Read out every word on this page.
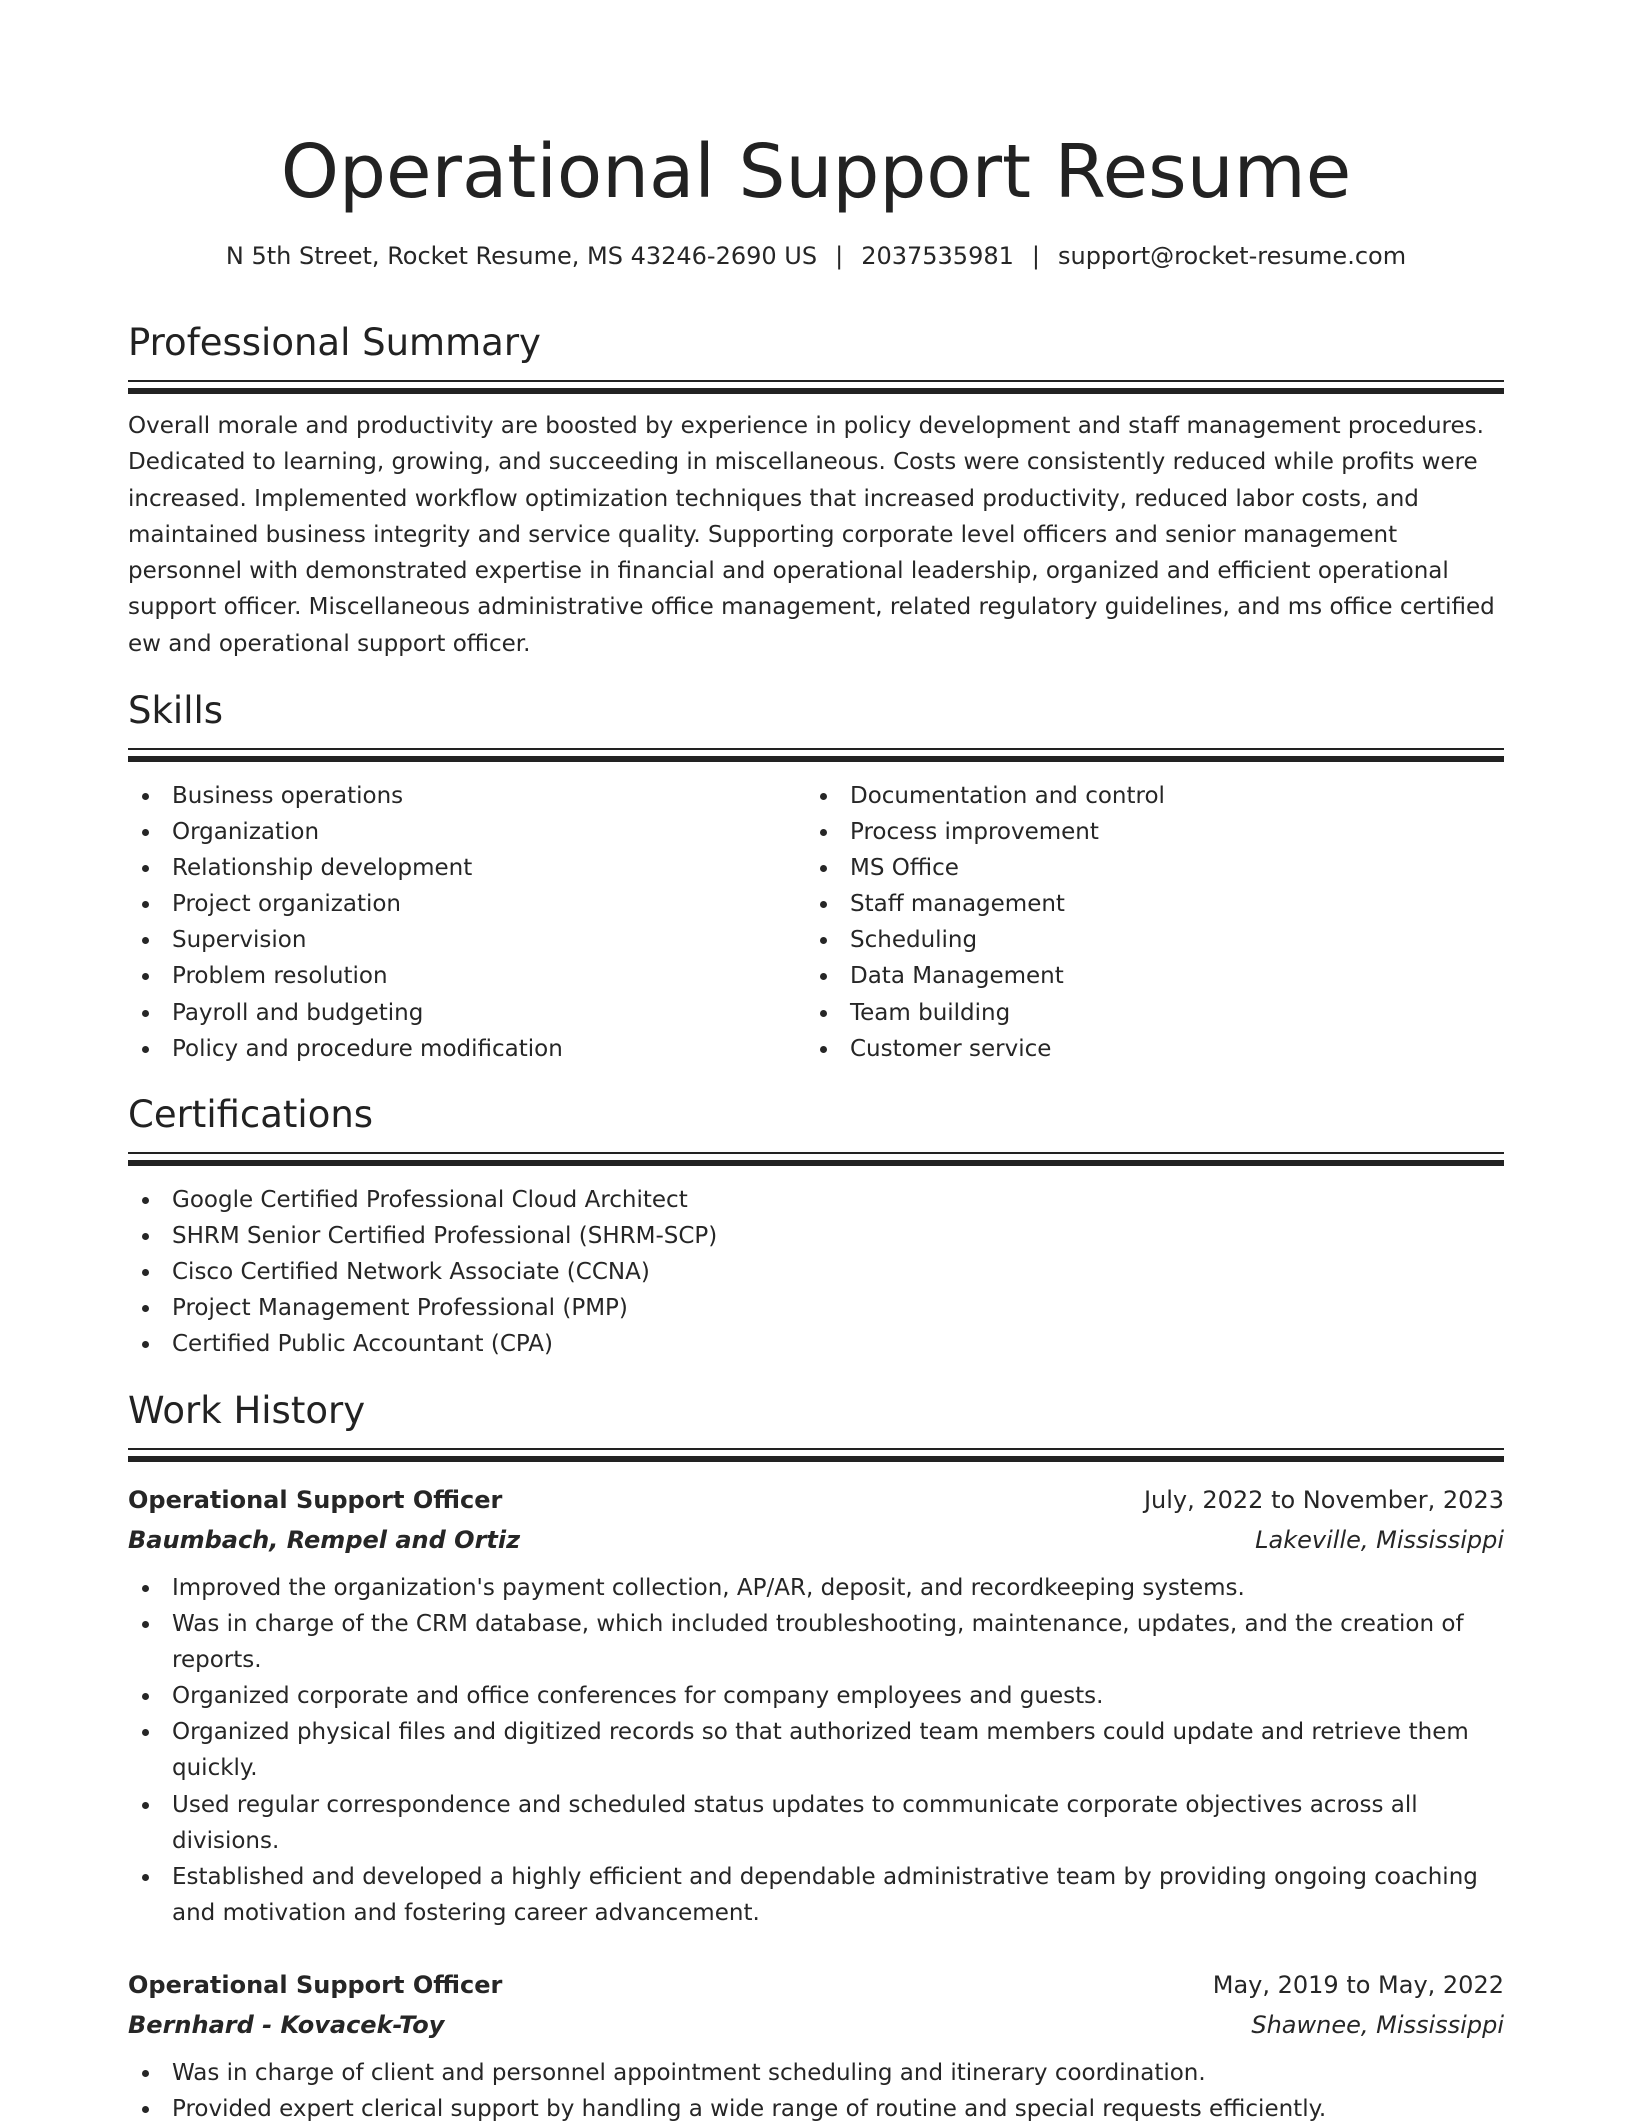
Operational Support Resume
N 5th Street, Rocket Resume, MS 43246-2690 US | 2037535981 | support@rocket-resume.com
Professional Summary
Overall morale and productivity are boosted by experience in policy development and staff management procedures. Dedicated to learning, growing, and succeeding in miscellaneous. Costs were consistently reduced while profits were increased. Implemented workflow optimization techniques that increased productivity, reduced labor costs, and maintained business integrity and service quality. Supporting corporate level officers and senior management personnel with demonstrated expertise in financial and operational leadership, organized and efficient operational support officer. Miscellaneous administrative office management, related regulatory guidelines, and ms office certified ew and operational support officer.
Skills
Business operations
Organization
Relationship development
Project organization
Supervision
Problem resolution
Payroll and budgeting
Policy and procedure modification
Documentation and control
Process improvement
MS Office
Staff management
Scheduling
Data Management
Team building
Customer service
Certifications
Google Certified Professional Cloud Architect
SHRM Senior Certified Professional (SHRM-SCP)
Cisco Certified Network Associate (CCNA)
Project Management Professional (PMP)
Certified Public Accountant (CPA)
Work History
Operational Support Officer	July, 2022 to November, 2023
Baumbach, Rempel and Ortiz	Lakeville, Mississippi
Improved the organization's payment collection, AP/AR, deposit, and recordkeeping systems.
Was in charge of the CRM database, which included troubleshooting, maintenance, updates, and the creation of reports.
Organized corporate and office conferences for company employees and guests.
Organized physical files and digitized records so that authorized team members could update and retrieve them quickly.
Used regular correspondence and scheduled status updates to communicate corporate objectives across all divisions.
Established and developed a highly efficient and dependable administrative team by providing ongoing coaching and motivation and fostering career advancement.
Operational Support Officer	May, 2019 to May, 2022
Bernhard - Kovacek-Toy	Shawnee, Mississippi
Was in charge of client and personnel appointment scheduling and itinerary coordination.
Provided expert clerical support by handling a wide range of routine and special requests efficiently.
